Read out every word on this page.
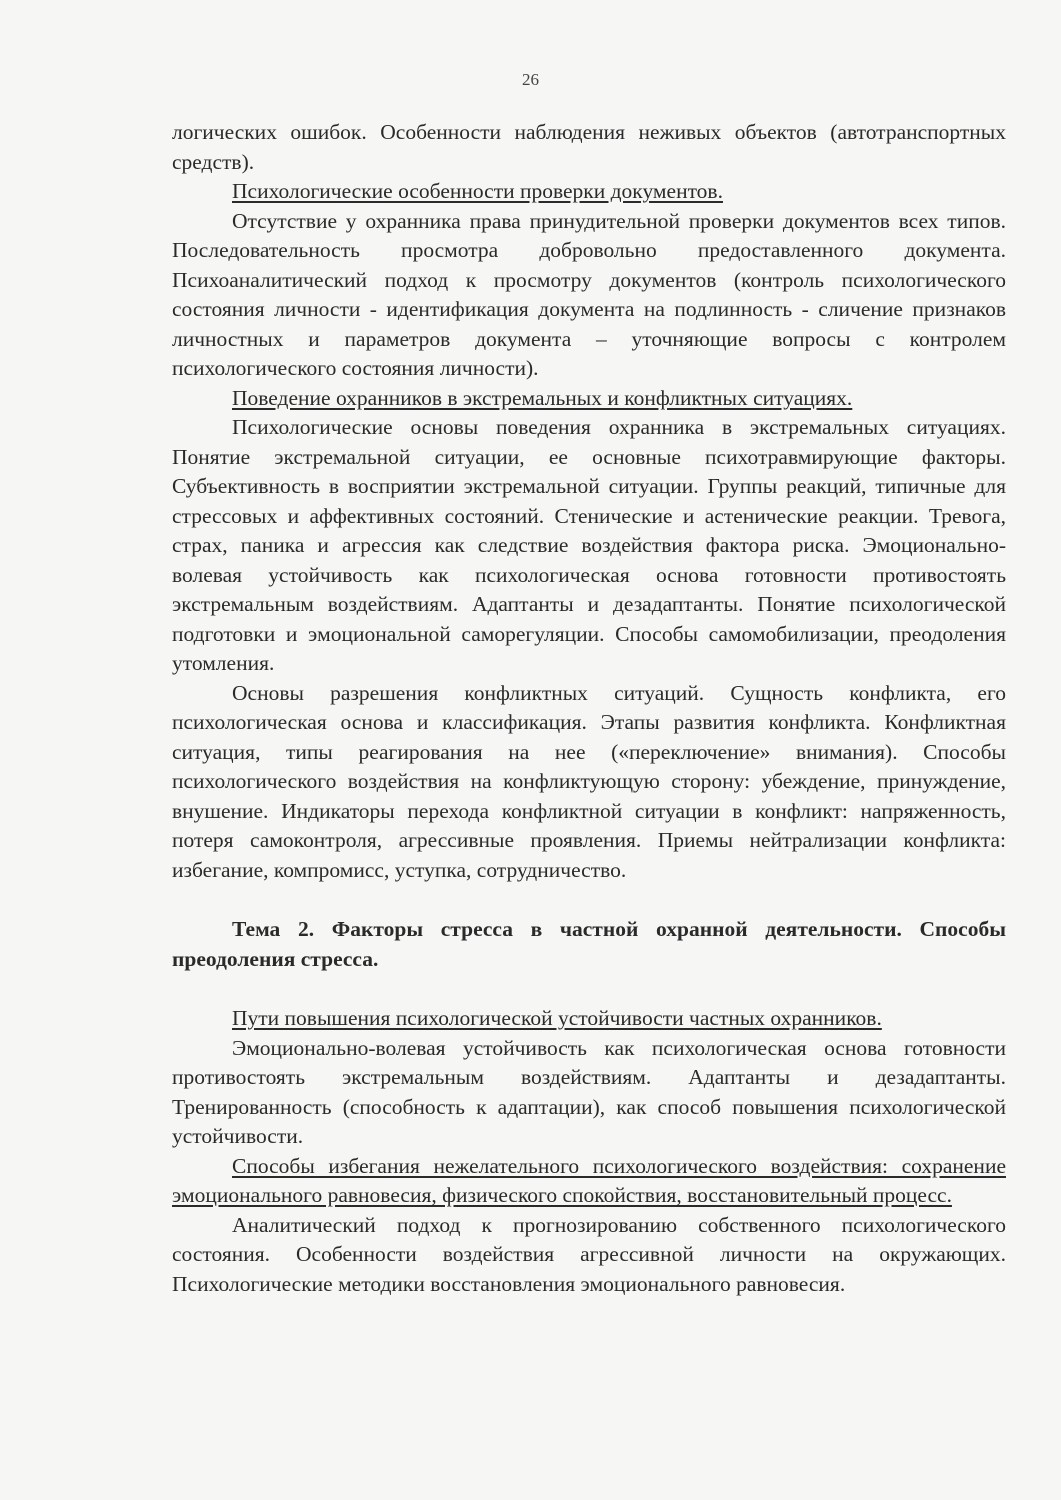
26

логических ошибок. Особенности наблюдения неживых объектов (автотранспортных средств).

Психологические особенности проверки документов.

Отсутствие у охранника права принудительной проверки документов всех типов. Последовательность просмотра добровольно предоставленного документа. Психоаналитический подход к просмотру документов (контроль психологического состояния личности - идентификация документа на подлинность - сличение признаков личностных и параметров документа – уточняющие вопросы с контролем психологического состояния личности).

Поведение охранников в экстремальных и конфликтных ситуациях.

Психологические основы поведения охранника в экстремальных ситуациях. Понятие экстремальной ситуации, ее основные психотравмирующие факторы. Субъективность в восприятии экстремальной ситуации. Группы реакций, типичные для стрессовых и аффективных состояний. Стенические и астенические реакции. Тревога, страх, паника и агрессия как следствие воздействия фактора риска. Эмоционально-волевая устойчивость как психологическая основа готовности противостоять экстремальным воздействиям. Адаптанты и дезадаптанты. Понятие психологической подготовки и эмоциональной саморегуляции. Способы самомобилизации, преодоления утомления.

Основы разрешения конфликтных ситуаций. Сущность конфликта, его психологическая основа и классификация. Этапы развития конфликта. Конфликтная ситуация, типы реагирования на нее («переключение» внимания). Способы психологического воздействия на конфликтующую сторону: убеждение, принуждение, внушение. Индикаторы перехода конфликтной ситуации в конфликт: напряженность, потеря самоконтроля, агрессивные проявления. Приемы нейтрализации конфликта: избегание, компромисс, уступка, сотрудничество.

Тема 2. Факторы стресса в частной охранной деятельности. Способы преодоления стресса.

Пути повышения психологической устойчивости частных охранников.

Эмоционально-волевая устойчивость как психологическая основа готовности противостоять экстремальным воздействиям. Адаптанты и дезадаптанты. Тренированность (способность к адаптации), как способ повышения психологической устойчивости.

Способы избегания нежелательного психологического воздействия: сохранение эмоционального равновесия, физического спокойствия, восстановительный процесс.

Аналитический подход к прогнозированию собственного психологического состояния. Особенности воздействия агрессивной личности на окружающих. Психологические методики восстановления эмоционального равновесия.
